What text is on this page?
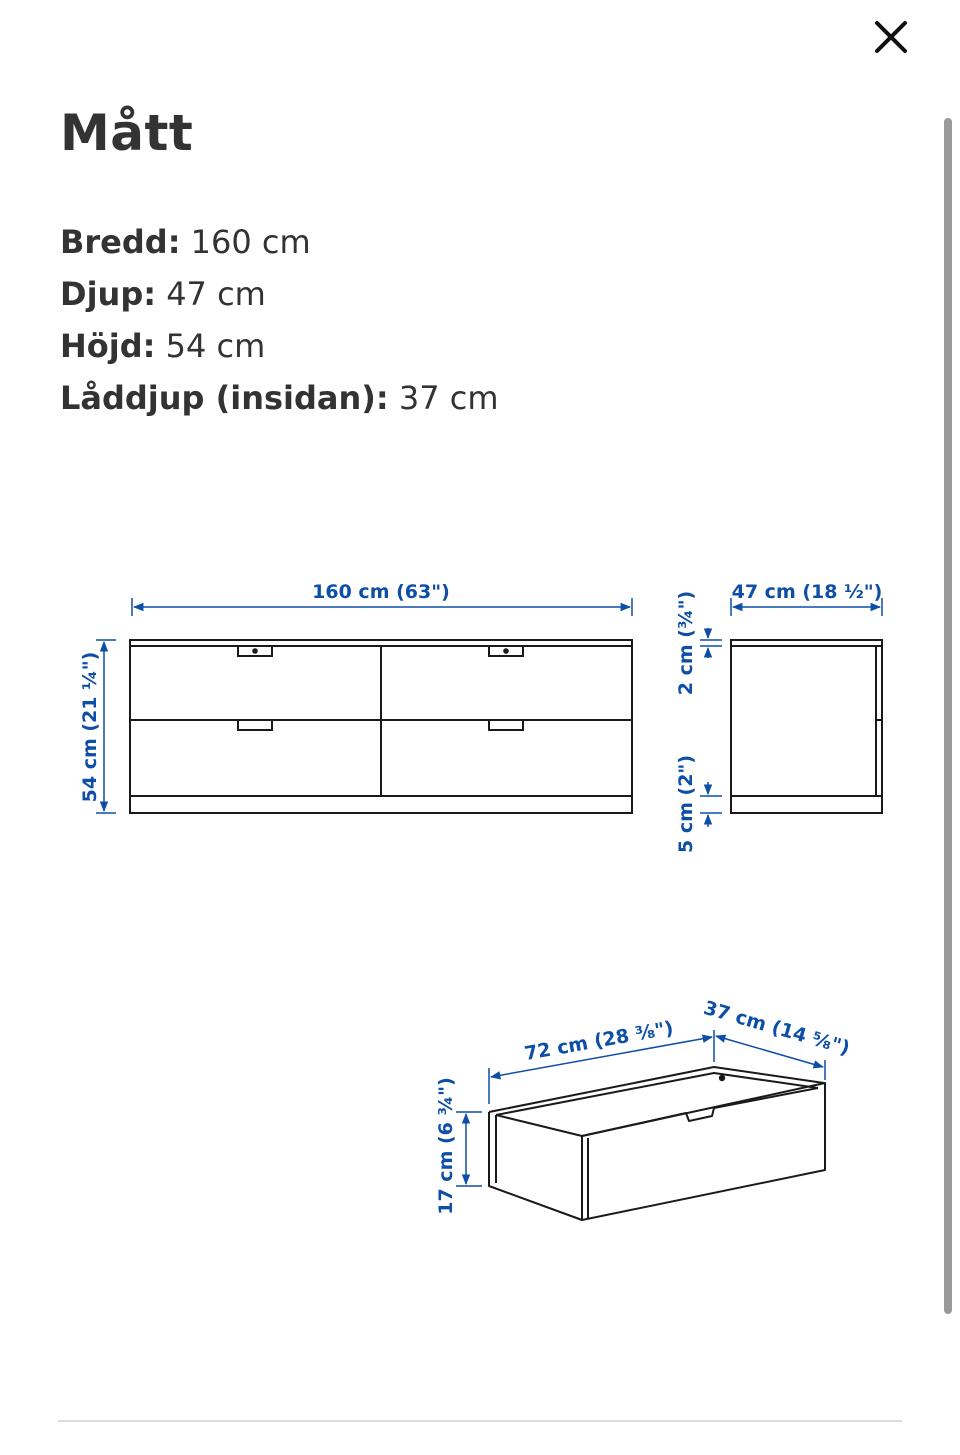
Mått
Bredd: 160 cm
Djup: 47 cm
Höjd: 54 cm
Låddjup (insidan): 37 cm
160 cm (63")
54 cm (21 ¼")
47 cm (18 ½")
2 cm (¾")
5 cm (2")
72 cm (28 ⅜") 37 cm (14 ⅝")
17 cm (6 ¾")
